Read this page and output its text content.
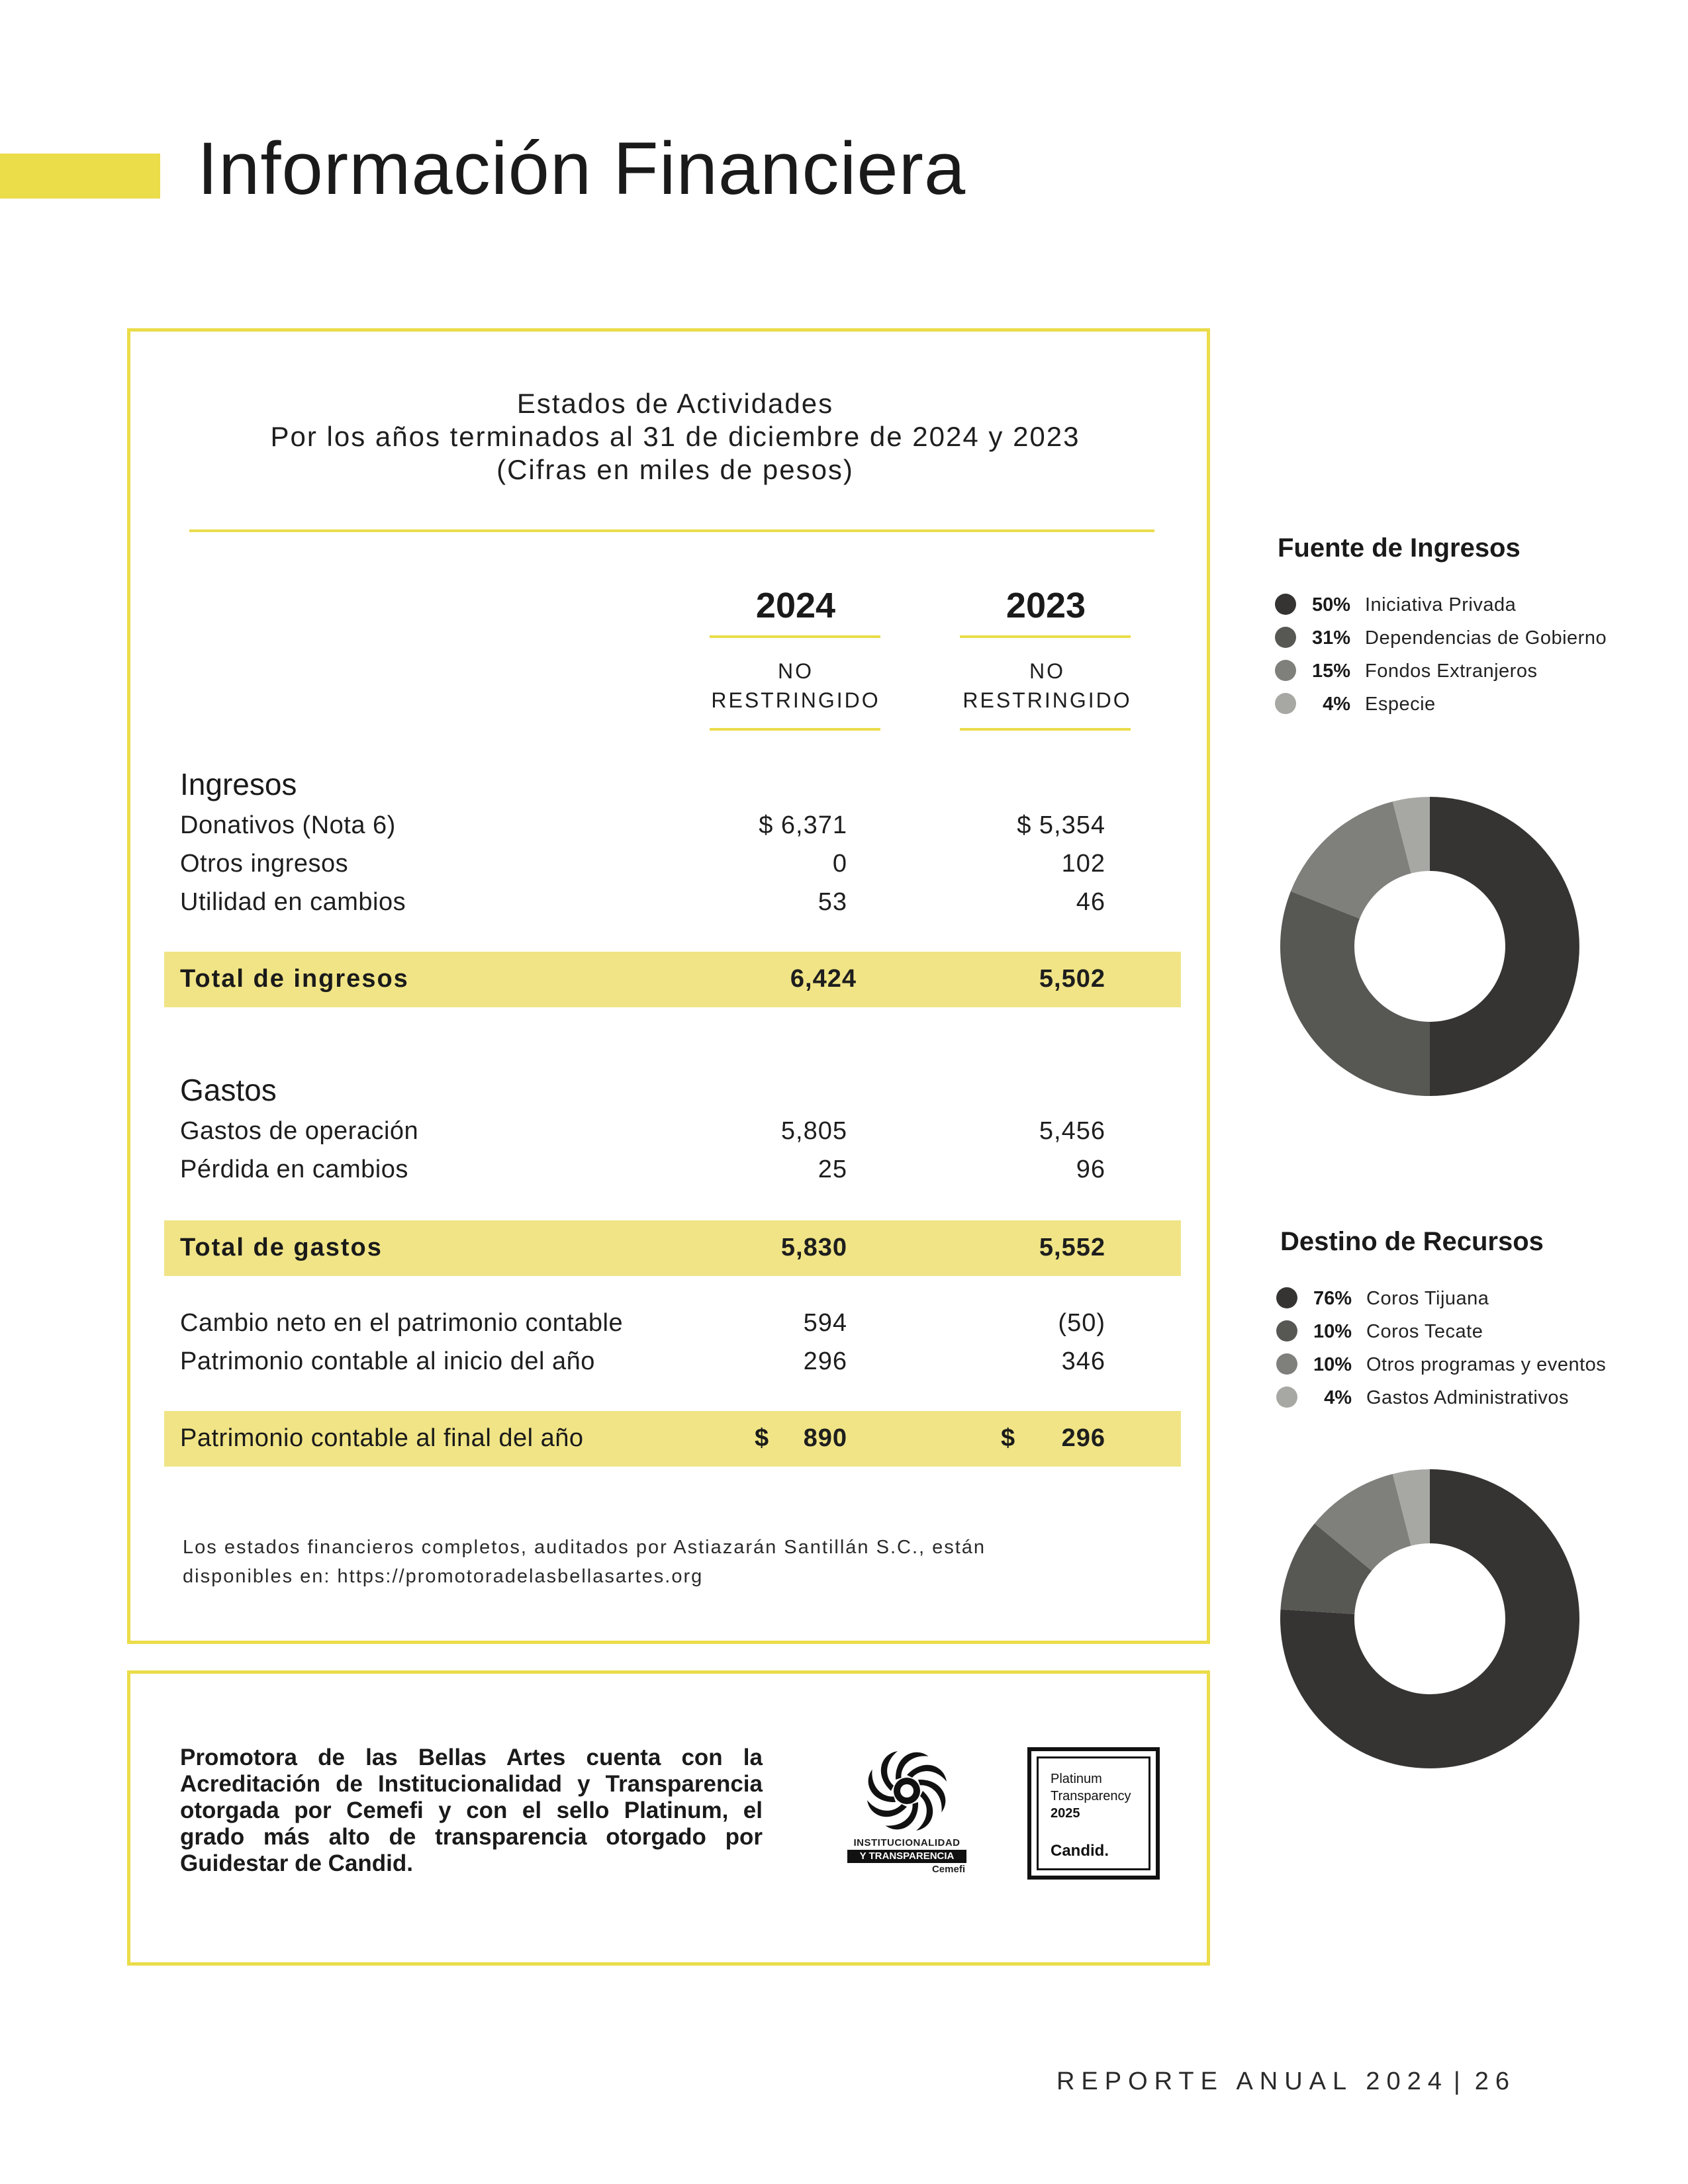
Información Financiera
Estados de Actividades
Por los años terminados al 31 de diciembre de 2024 y 2023
(Cifras en miles de pesos)
2024	2023
NO
RESTRINGIDO
NO
RESTRINGIDO
Ingresos
Donativos (Nota 6)	$ 6,371	$ 5,354
Otros ingresos	0	102
Utilidad en cambios	53	46
Total de ingresos	6,424	5,502
Gastos
Gastos de operación	5,805	5,456
Pérdida en cambios	25	96
Total de gastos	5,830	5,552
Cambio neto en el patrimonio contable	594	(50)
Patrimonio contable al inicio del año	296	346
Patrimonio contable al final del año	$	890	$	296
Los estados financieros completos, auditados por Astiazarán Santillán S.C., están
disponibles en: https://promotoradelasbellasartes.org
Promotora de las Bellas Artes cuenta con la Acreditación de Institucionalidad y Transparencia otorgada por Cemefi y con el sello Platinum, el grado más alto de transparencia otorgado por Guidestar de Candid.
INSTITUCIONALIDAD
Y TRANSPARENCIA
Cemefi
Platinum
Transparency
2025
Candid.
Fuente de Ingresos
50% Iniciativa Privada
31% Dependencias de Gobierno
15% Fondos Extranjeros
4% Especie
Destino de Recursos
76% Coros Tijuana
10% Coros Tecate
10% Otros programas y eventos
4% Gastos Administrativos
REPORTE ANUAL 2024 | 26
